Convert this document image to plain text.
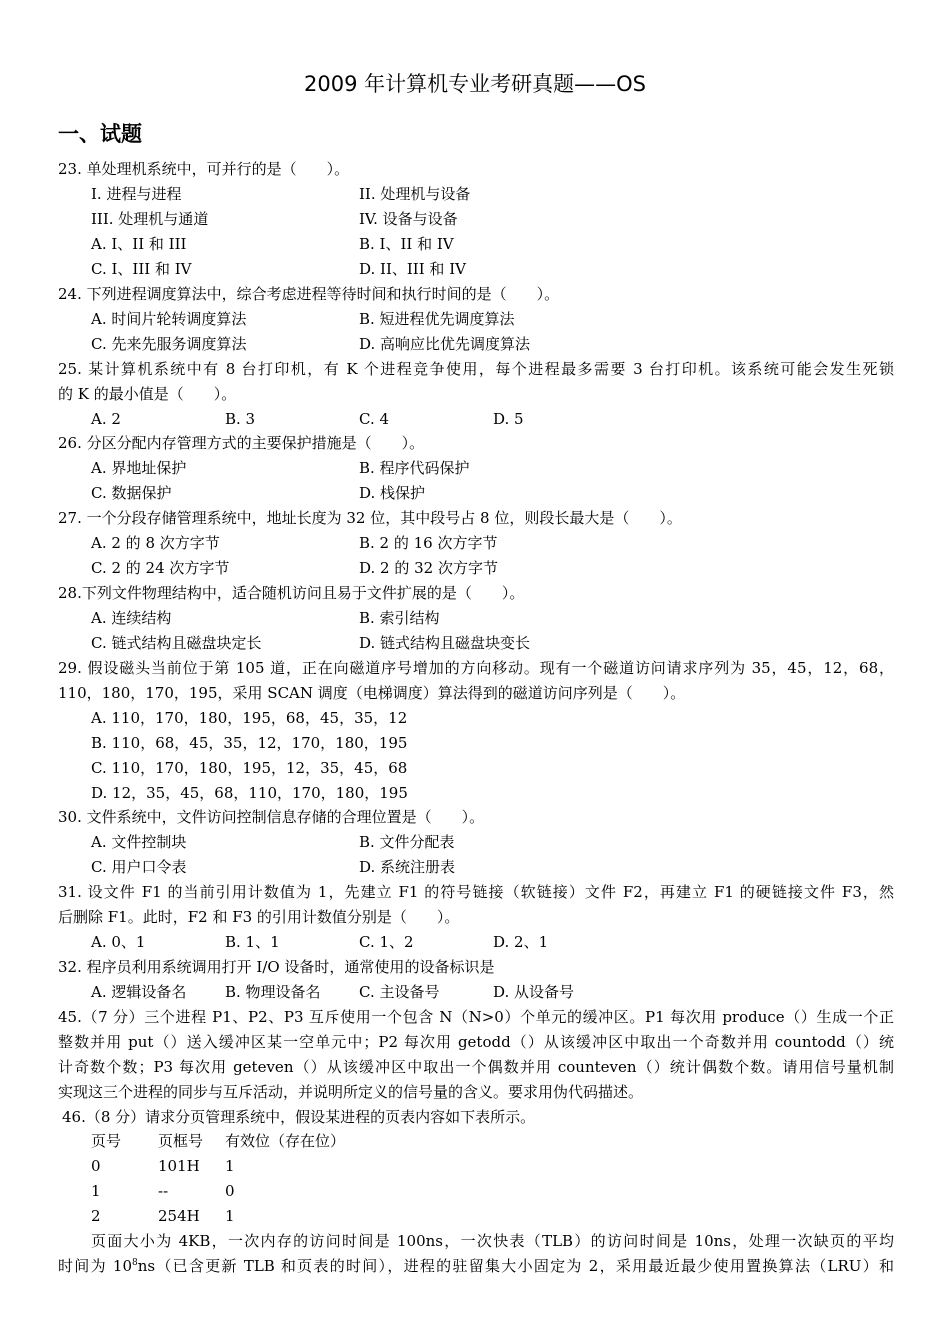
2009 年计算机专业考研真题——OS
一、试题
23. 单处理机系统中，可并行的是（　　）。
I. 进程与进程	II. 处理机与设备
III. 处理机与通道	IV. 设备与设备
A. I、II 和 III	B. I、II 和 IV
C. I、III 和 IV	D. II、III 和 IV
24. 下列进程调度算法中，综合考虑进程等待时间和执行时间的是（　　）。
A. 时间片轮转调度算法	B. 短进程优先调度算法
C. 先来先服务调度算法	D. 高响应比优先调度算法
25. 某计算机系统中有 8 台打印机，有 K 个进程竞争使用，每个进程最多需要 3 台打印机。该系统可能会发生死锁
的 K 的最小值是（　　）。
A. 2	B. 3	C. 4	D. 5
26. 分区分配内存管理方式的主要保护措施是（　　）。
A. 界地址保护	B. 程序代码保护
C. 数据保护	D. 栈保护
27. 一个分段存储管理系统中，地址长度为 32 位，其中段号占 8 位，则段长最大是（　　）。
A. 2 的 8 次方字节	B. 2 的 16 次方字节
C. 2 的 24 次方字节	D. 2 的 32 次方字节
28.下列文件物理结构中，适合随机访问且易于文件扩展的是（　　）。
A. 连续结构	B. 索引结构
C. 链式结构且磁盘块定长	D. 链式结构且磁盘块变长
29. 假设磁头当前位于第 105 道，正在向磁道序号增加的方向移动。现有一个磁道访问请求序列为 35，45，12，68，
110，180，170，195，采用 SCAN 调度（电梯调度）算法得到的磁道访问序列是（　　）。
A. 110，170，180，195，68，45，35，12
B. 110，68，45，35，12，170，180，195
C. 110，170，180，195，12，35，45，68
D. 12，35，45，68，110，170，180，195
30. 文件系统中，文件访问控制信息存储的合理位置是（　　）。
A. 文件控制块	B. 文件分配表
C. 用户口令表	D. 系统注册表
31. 设文件 F1 的当前引用计数值为 1，先建立 F1 的符号链接（软链接）文件 F2，再建立 F1 的硬链接文件 F3，然
后删除 F1。此时，F2 和 F3 的引用计数值分别是（　　）。
A. 0、1	B. 1、1	C. 1、2	D. 2、1
32. 程序员利用系统调用打开 I/O 设备时，通常使用的设备标识是
A. 逻辑设备名	B. 物理设备名	C. 主设备号	D. 从设备号
45.（7 分）三个进程 P1、P2、P3 互斥使用一个包含 N（N>0）个单元的缓冲区。P1 每次用 produce（）生成一个正
整数并用 put（）送入缓冲区某一空单元中；P2 每次用 getodd（）从该缓冲区中取出一个奇数并用 countodd（）统
计奇数个数；P3 每次用 geteven（）从该缓冲区中取出一个偶数并用 counteven（）统计偶数个数。请用信号量机制
实现这三个进程的同步与互斥活动，并说明所定义的信号量的含义。要求用伪代码描述。
46.（8 分）请求分页管理系统中，假设某进程的页表内容如下表所示。
页号 页框号 有效位（存在位）
0	101H 1
1	--	0
2	254H 1
页面大小为 4KB，一次内存的访问时间是 100ns，一次快表（TLB）的访问时间是 10ns，处理一次缺页的平均
时间为 $10^8ns$（已含更新 TLB 和页表的时间），进程的驻留集大小固定为 2，采用最近最少使用置换算法（LRU）和
